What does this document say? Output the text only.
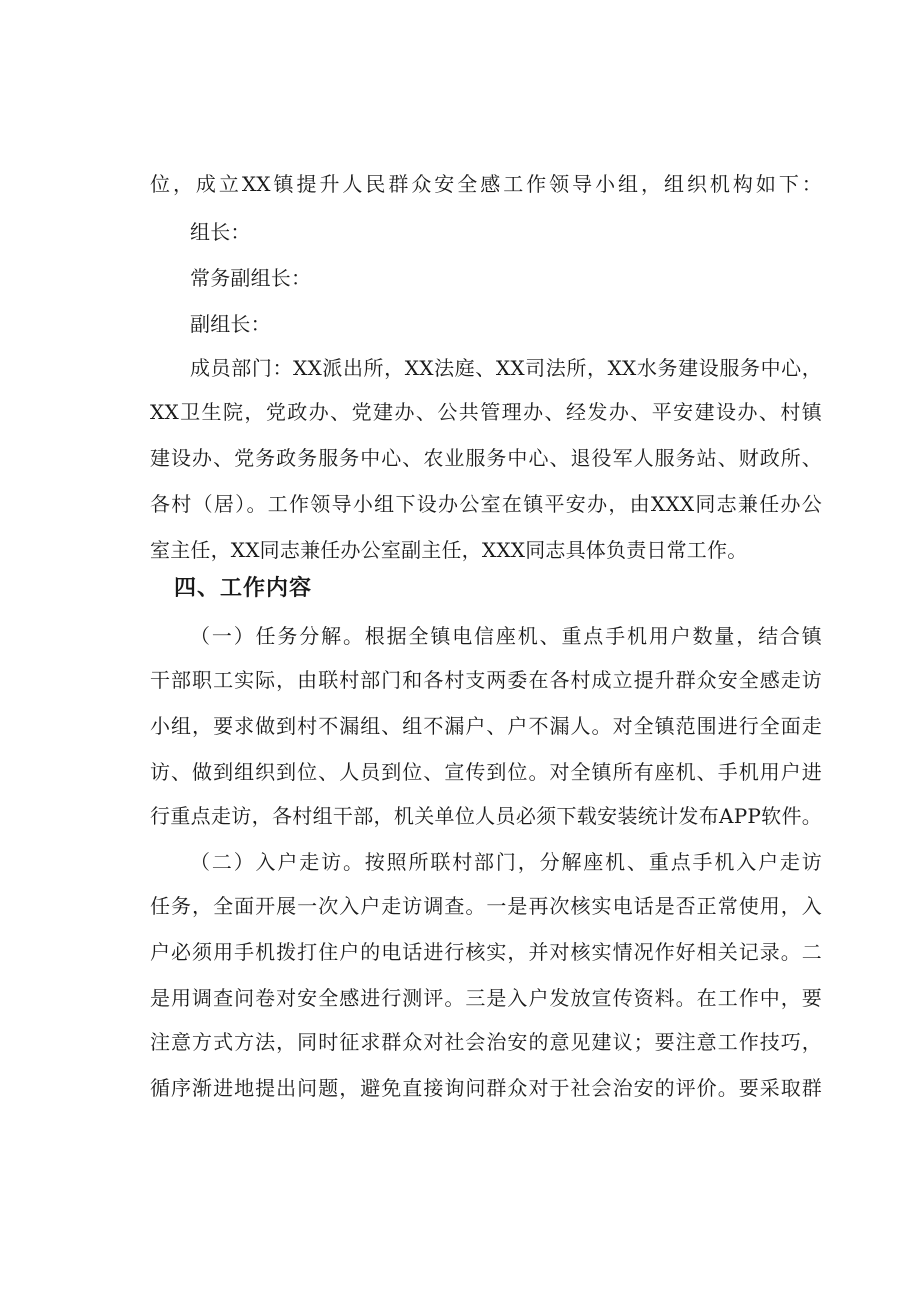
位，成立XX镇提升人民群众安全感工作领导小组，组织机构如下：
组长：
常务副组长：
副组长：
成员部门：XX派出所，XX法庭、XX司法所，XX水务建设服务中心，
XX卫生院，党政办、党建办、公共管理办、经发办、平安建设办、村镇
建设办、党务政务服务中心、农业服务中心、退役军人服务站、财政所、
各村（居）。工作领导小组下设办公室在镇平安办，由XXX同志兼任办公
室主任，XX同志兼任办公室副主任，XXX同志具体负责日常工作。
四、工作内容
（一）任务分解。根据全镇电信座机、重点手机用户数量，结合镇
干部职工实际，由联村部门和各村支两委在各村成立提升群众安全感走访
小组，要求做到村不漏组、组不漏户、户不漏人。对全镇范围进行全面走
访、做到组织到位、人员到位、宣传到位。对全镇所有座机、手机用户进
行重点走访，各村组干部，机关单位人员必须下载安装统计发布APP软件。
（二）入户走访。按照所联村部门，分解座机、重点手机入户走访
任务，全面开展一次入户走访调查。一是再次核实电话是否正常使用，入
户必须用手机拨打住户的电话进行核实，并对核实情况作好相关记录。二
是用调查问卷对安全感进行测评。三是入户发放宣传资料。在工作中，要
注意方式方法，同时征求群众对社会治安的意见建议；要注意工作技巧，
循序渐进地提出问题，避免直接询问群众对于社会治安的评价。要采取群
